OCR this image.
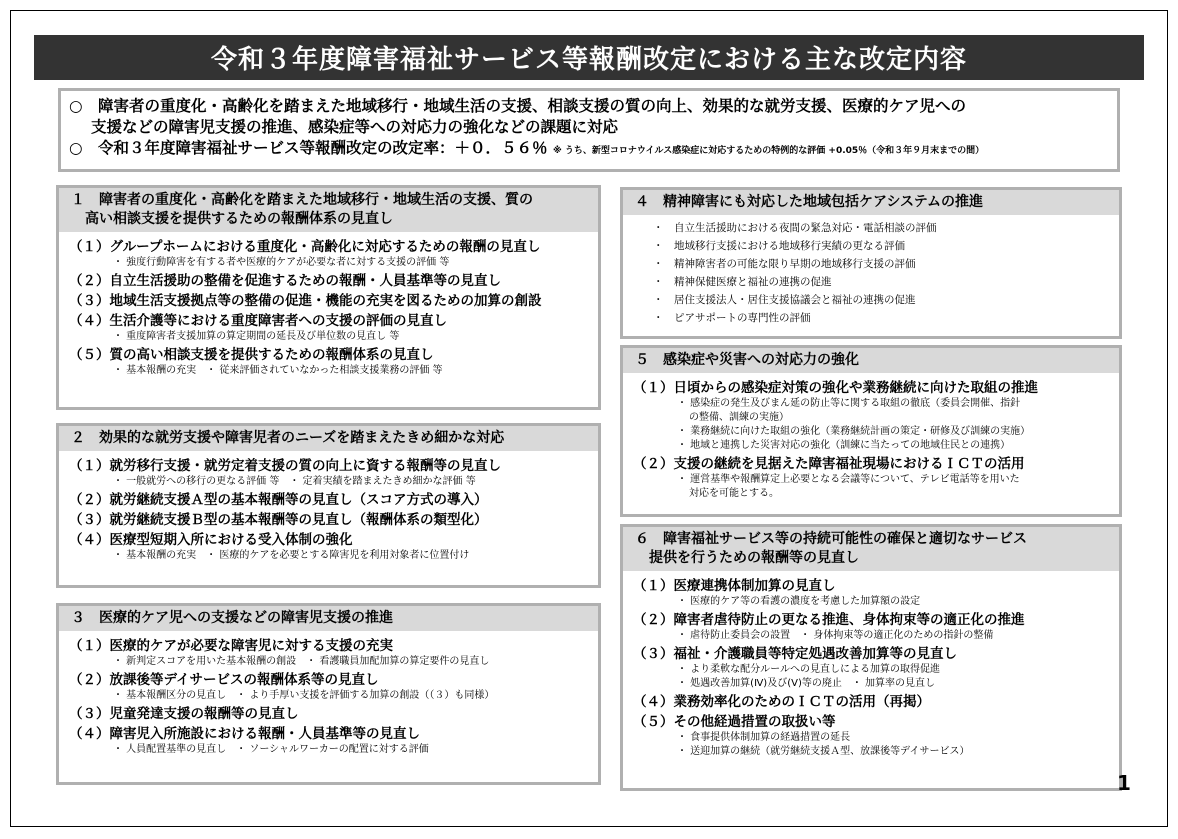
令和３年度障害福祉サービス等報酬改定における主な改定内容
○　障害者の重度化・高齢化を踏まえた地域移行・地域生活の支援、相談支援の質の向上、効果的な就労支援、医療的ケア児への
支援などの障害児支援の推進、感染症等への対応力の強化などの課題に対応
○　令和３年度障害福祉サービス等報酬改定の改定率：＋０．５６％ ※ うち、新型コロナウイルス感染症に対応するための特例的な評価 +0.05％（令和３年９月末までの間）
１　障害者の重度化・高齢化を踏まえた地域移行・地域生活の支援、質の
高い相談支援を提供するための報酬体系の見直し
（１）グループホームにおける重度化・高齢化に対応するための報酬の見直し
・ 強度行動障害を有する者や医療的ケアが必要な者に対する支援の評価 等
（２）自立生活援助の整備を促進するための報酬・人員基準等の見直し
（３）地域生活支援拠点等の整備の促進・機能の充実を図るための加算の創設
（４）生活介護等における重度障害者への支援の評価の見直し
・ 重度障害者支援加算の算定期間の延長及び単位数の見直し 等
（５）質の高い相談支援を提供するための報酬体系の見直し
・ 基本報酬の充実　・ 従来評価されていなかった相談支援業務の評価 等
２　効果的な就労支援や障害児者のニーズを踏まえたきめ細かな対応
（１）就労移行支援・就労定着支援の質の向上に資する報酬等の見直し
・ 一般就労への移行の更なる評価 等　・ 定着実績を踏まえたきめ細かな評価 等
（２）就労継続支援Ａ型の基本報酬等の見直し（スコア方式の導入）
（３）就労継続支援Ｂ型の基本報酬等の見直し（報酬体系の類型化）
（４）医療型短期入所における受入体制の強化
・ 基本報酬の充実　・ 医療的ケアを必要とする障害児を利用対象者に位置付け
３　医療的ケア児への支援などの障害児支援の推進
（１）医療的ケアが必要な障害児に対する支援の充実
・ 新判定スコアを用いた基本報酬の創設　・ 看護職員加配加算の算定要件の見直し
（２）放課後等デイサービスの報酬体系等の見直し
・ 基本報酬区分の見直し　・ より手厚い支援を評価する加算の創設（（３）も同様）
（３）児童発達支援の報酬等の見直し
（４）障害児入所施設における報酬・人員基準等の見直し
・ 人員配置基準の見直し　・ ソーシャルワーカーの配置に対する評価
４　精神障害にも対応した地域包括ケアシステムの推進
・　自立生活援助における夜間の緊急対応・電話相談の評価
・　地域移行支援における地域移行実績の更なる評価
・　精神障害者の可能な限り早期の地域移行支援の評価
・　精神保健医療と福祉の連携の促進
・　居住支援法人・居住支援協議会と福祉の連携の促進
・　ピアサポートの専門性の評価
５　感染症や災害への対応力の強化
（１）日頃からの感染症対策の強化や業務継続に向けた取組の推進
・ 感染症の発生及びまん延の防止等に関する取組の徹底（委員会開催、指針
の整備、訓練の実施）
・ 業務継続に向けた取組の強化（業務継続計画の策定・研修及び訓練の実施）
・ 地域と連携した災害対応の強化（訓練に当たっての地域住民との連携）
（２）支援の継続を見据えた障害福祉現場におけるＩＣＴの活用
・ 運営基準や報酬算定上必要となる会議等について、テレビ電話等を用いた
対応を可能とする。
６　障害福祉サービス等の持続可能性の確保と適切なサービス
提供を行うための報酬等の見直し
（１）医療連携体制加算の見直し
・ 医療的ケア等の看護の濃度を考慮した加算額の設定
（２）障害者虐待防止の更なる推進、身体拘束等の適正化の推進
・ 虐待防止委員会の設置　・ 身体拘束等の適正化のための指針の整備
（３）福祉・介護職員等特定処遇改善加算等の見直し
・ より柔軟な配分ルールへの見直しによる加算の取得促進
・ 処遇改善加算(Ⅳ)及び(Ⅴ)等の廃止　・ 加算率の見直し
（４）業務効率化のためのＩＣＴの活用（再掲）
（５）その他経過措置の取扱い等
・ 食事提供体制加算の経過措置の延長
・ 送迎加算の継続（就労継続支援Ａ型、放課後等デイサービス）
1
